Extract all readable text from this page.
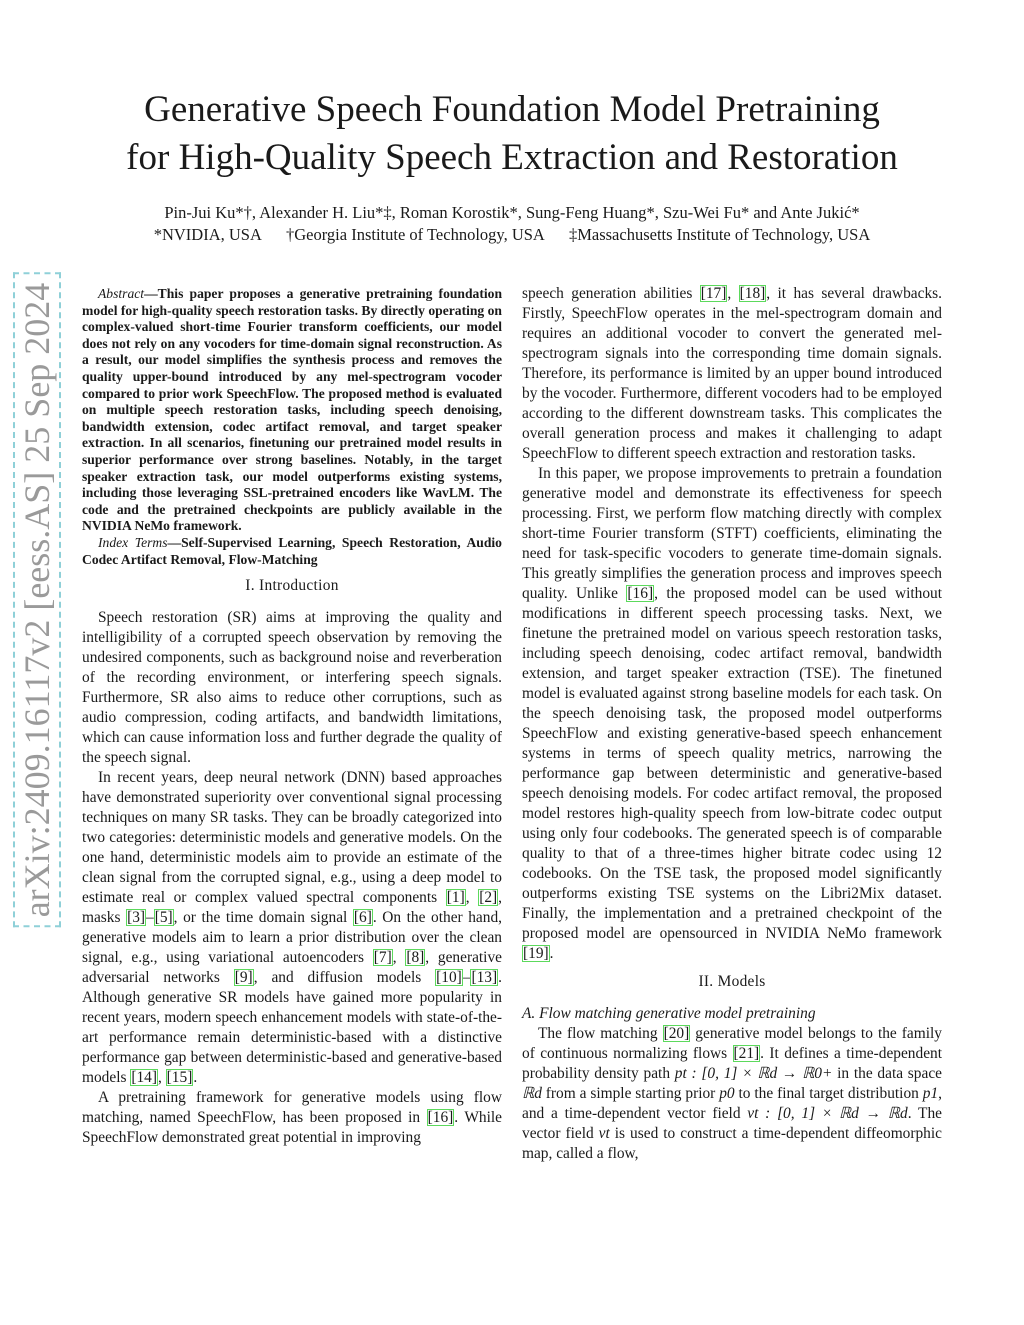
Generative Speech Foundation Model Pretraining
for High-Quality Speech Extraction and Restoration
Pin-Jui Ku*†, Alexander H. Liu*‡, Roman Korostik*, Sung-Feng Huang*, Szu-Wei Fu* and Ante Jukić*
*NVIDIA, USA †Georgia Institute of Technology, USA ‡Massachusetts Institute of Technology, USA
arXiv:2409.16117v2 [eess.AS] 25 Sep 2024	Abstract—This paper proposes a generative pretraining foundation model for high-quality speech restoration tasks. By directly operating on complex-valued short-time Fourier transform coefficients, our model does not rely on any vocoders for time-domain signal reconstruction. As a result, our model simplifies the synthesis process and removes the quality upper-bound introduced by any mel-spectrogram vocoder compared to prior work SpeechFlow. The proposed method is evaluated on multiple speech restoration tasks, including speech denoising, bandwidth extension, codec artifact removal, and target speaker extraction. In all scenarios, finetuning our pretrained model results in superior performance over strong baselines. Notably, in the target speaker extraction task, our model outperforms existing systems, including those leveraging SSL-pretrained encoders like WavLM. The code and the pretrained checkpoints are publicly available in the NVIDIA NeMo framework.

Index Terms—Self-Supervised Learning, Speech Restoration, Audio Codec Artifact Removal, Flow-Matching

I. Introduction

Speech restoration (SR) aims at improving the quality and intelligibility of a corrupted speech observation by removing the undesired components, such as background noise and reverberation of the recording environment, or interfering speech signals. Furthermore, SR also aims to reduce other corruptions, such as audio compression, coding artifacts, and bandwidth limitations, which can cause information loss and further degrade the quality of the speech signal.

In recent years, deep neural network (DNN) based approaches have demonstrated superiority over conventional signal processing techniques on many SR tasks. They can be broadly categorized into two categories: deterministic models and generative models. On the one hand, deterministic models aim to provide an estimate of the clean signal from the corrupted signal, e.g., using a deep model to estimate real or complex valued spectral components [1], [2], masks [3]–[5], or the time domain signal [6]. On the other hand, generative models aim to learn a prior distribution over the clean signal, e.g., using variational autoencoders [7], [8], generative adversarial networks [9], and diffusion models [10]–[13]. Although generative SR models have gained more popularity in recent years, modern speech enhancement models with state-of-the-art performance remain deterministic-based with a distinctive performance gap between deterministic-based and generative-based models [14], [15].

A pretraining framework for generative models using flow matching, named SpeechFlow, has been proposed in [16]. While SpeechFlow demonstrated great potential in improving

speech generation abilities [17], [18], it has several drawbacks. Firstly, SpeechFlow operates in the mel-spectrogram domain and requires an additional vocoder to convert the generated mel-spectrogram signals into the corresponding time domain signals. Therefore, its performance is limited by an upper bound introduced by the vocoder. Furthermore, different vocoders had to be employed according to the different downstream tasks. This complicates the overall generation process and makes it challenging to adapt SpeechFlow to different speech extraction and restoration tasks.

In this paper, we propose improvements to pretrain a foundation generative model and demonstrate its effectiveness for speech processing. First, we perform flow matching directly with complex short-time Fourier transform (STFT) coefficients, eliminating the need for task-specific vocoders to generate time-domain signals. This greatly simplifies the generation process and improves speech quality. Unlike [16], the proposed model can be used without modifications in different speech processing tasks. Next, we finetune the pretrained model on various speech restoration tasks, including speech denoising, codec artifact removal, bandwidth extension, and target speaker extraction (TSE). The finetuned model is evaluated against strong baseline models for each task. On the speech denoising task, the proposed model outperforms SpeechFlow and existing generative-based speech enhancement systems in terms of speech quality metrics, narrowing the performance gap between deterministic and generative-based speech denoising models. For codec artifact removal, the proposed model restores high-quality speech from low-bitrate codec output using only four codebooks. The generated speech is of comparable quality to that of a three-times higher bitrate codec using 12 codebooks. On the TSE task, the proposed model significantly outperforms existing TSE systems on the Libri2Mix dataset. Finally, the implementation and a pretrained checkpoint of the proposed model are opensourced in NVIDIA NeMo framework [19].

II. Models

A. Flow matching generative model pretraining

The flow matching [20] generative model belongs to the family of continuous normalizing flows [21]. It defines a time-dependent probability density path pt : [0, 1] × ℝd → ℝ0+ in the data space ℝd from a simple starting prior p0 to the final target distribution p1, and a time-dependent vector field vt : [0, 1] × ℝd → ℝd. The vector field vt is used to construct a time-dependent diffeomorphic map, called a flow,
